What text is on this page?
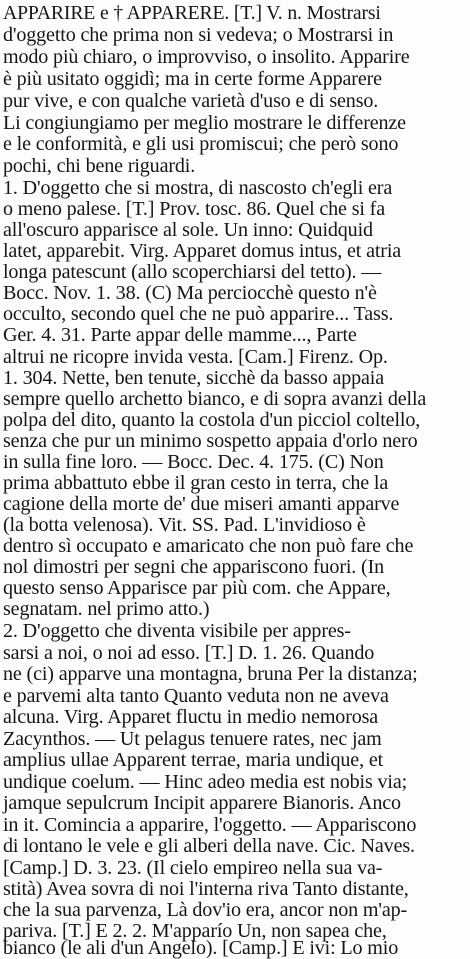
APPARIRE e † APPARERE. [T.] V. n. Mostrarsi
d'oggetto che prima non si vedeva; o Mostrarsi in
modo più chiaro, o improvviso, o insolito. Apparire
è più usitato oggidì; ma in certe forme Apparere
pur vive, e con qualche varietà d'uso e di senso.
Li congiungiamo per meglio mostrare le differenze
e le conformità, e gli usi promiscui; che però sono
pochi, chi bene riguardi.
1. D'oggetto che si mostra, di nascosto ch'egli era
o meno palese. [T.] Prov. tosc. 86. Quel che si fa
all'oscuro apparisce al sole. Un inno: Quidquid
latet, apparebit. Virg. Apparet domus intus, et atria
longa patescunt (allo scoperchiarsi del tetto). —
Bocc. Nov. 1. 38. (C) Ma perciocchè questo n'è
occulto, secondo quel che ne può apparire... Tass.
Ger. 4. 31. Parte appar delle mamme..., Parte
altrui ne ricopre invida vesta. [Cam.] Firenz. Op.
1. 304. Nette, ben tenute, sicchè da basso appaia
sempre quello archetto bianco, e di sopra avanzi della
polpa del dito, quanto la costola d'un picciol coltello,
senza che pur un minimo sospetto appaia d'orlo nero
in sulla fine loro. — Bocc. Dec. 4. 175. (C) Non
prima abbattuto ebbe il gran cesto in terra, che la
cagione della morte de' due miseri amanti apparve
(la botta velenosa). Vit. SS. Pad. L'invidioso è
dentro sì occupato e amaricato che non può fare che
nol dimostri per segni che appariscono fuori. (In
questo senso Apparisce par più com. che Appare,
segnatam. nel primo atto.)
2. D'oggetto che diventa visibile per appres-
sarsi a noi, o noi ad esso. [T.] D. 1. 26. Quando
ne (ci) apparve una montagna, bruna Per la distanza;
e parvemi alta tanto Quanto veduta non ne aveva
alcuna. Virg. Apparet fluctu in medio nemorosa
Zacynthos. — Ut pelagus tenuere rates, nec jam
amplius ullae Apparent terrae, maria undique, et
undique coelum. — Hinc adeo media est nobis via;
jamque sepulcrum Incipit apparere Bianoris. Anco
in it. Comincia a apparire, l'oggetto. — Appariscono
di lontano le vele e gli alberi della nave. Cic. Naves.
[Camp.] D. 3. 23. (Il cielo empireo nella sua va-
stità) Avea sovra di noi l'interna riva Tanto distante,
che la sua parvenza, Là dov'io era, ancor non m'ap-
pariva. [T.] E 2. 2. M'apparío Un, non sapea che,
bianco (le ali d'un Angelo). [Camp.] E ivi: Lo mio
